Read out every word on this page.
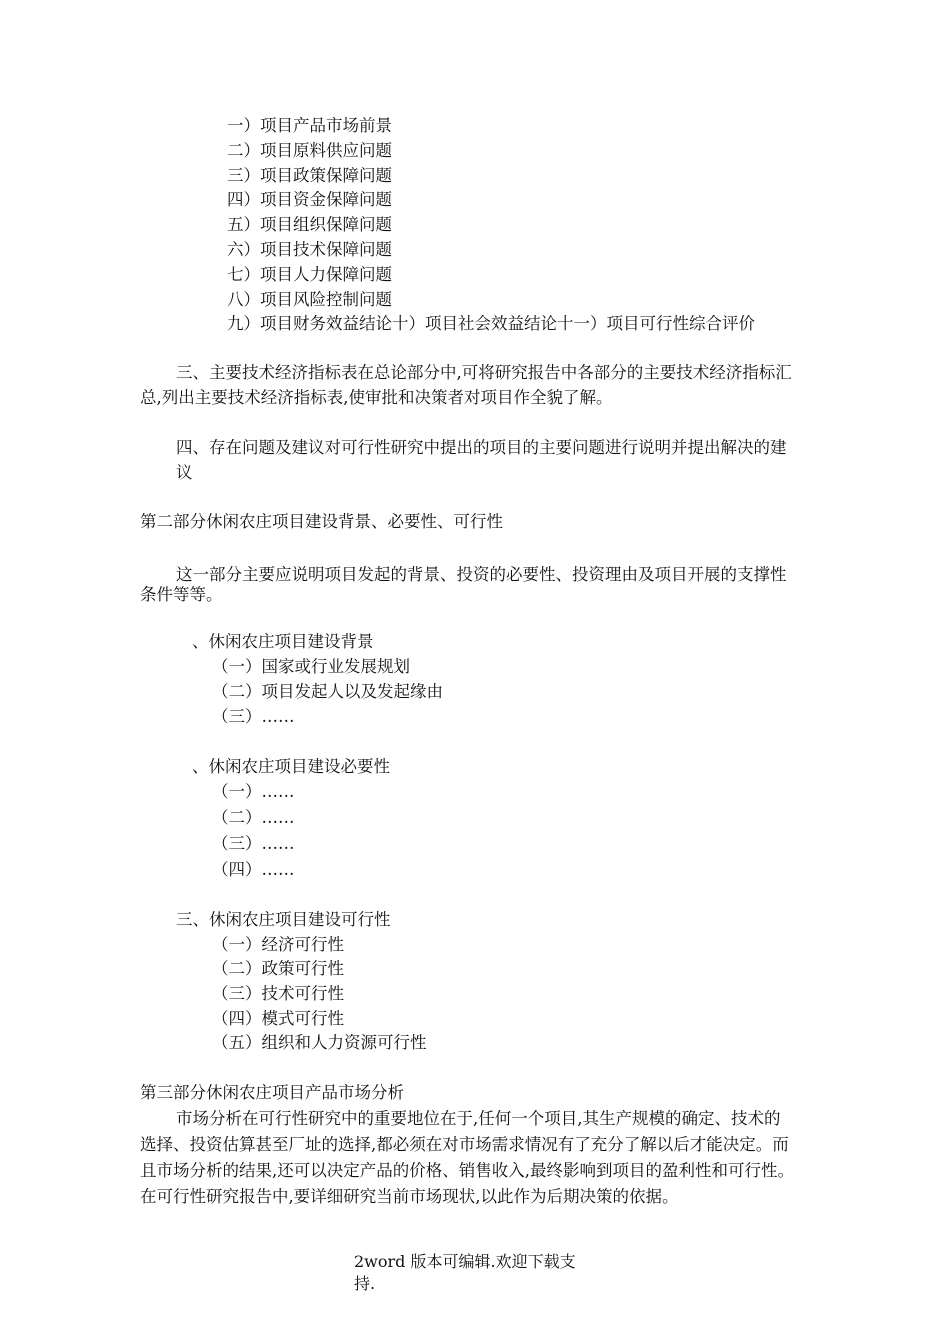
一）项目产品市场前景
二）项目原料供应问题
三）项目政策保障问题
四）项目资金保障问题
五）项目组织保障问题
六）项目技术保障问题
七）项目人力保障问题
八）项目风险控制问题
九）项目财务效益结论十）项目社会效益结论十一）项目可行性综合评价
三、主要技术经济指标表在总论部分中,可将研究报告中各部分的主要技术经济指标汇
总,列出主要技术经济指标表,使审批和决策者对项目作全貌了解。
四、存在问题及建议对可行性研究中提出的项目的主要问题进行说明并提出解决的建
议
第二部分休闲农庄项目建设背景、必要性、可行性
这一部分主要应说明项目发起的背景、投资的必要性、投资理由及项目开展的支撑性
条件等等。
、休闲农庄项目建设背景
（一）国家或行业发展规划
（二）项目发起人以及发起缘由
（三）……
、休闲农庄项目建设必要性
（一）……
（二）……
（三）……
（四）……
三、休闲农庄项目建设可行性
（一）经济可行性
（二）政策可行性
（三）技术可行性
（四）模式可行性
（五）组织和人力资源可行性
第三部分休闲农庄项目产品市场分析
市场分析在可行性研究中的重要地位在于,任何一个项目,其生产规模的确定、技术的
选择、投资估算甚至厂址的选择,都必须在对市场需求情况有了充分了解以后才能决定。而
且市场分析的结果,还可以决定产品的价格、销售收入,最终影响到项目的盈利性和可行性。
在可行性研究报告中,要详细研究当前市场现状,以此作为后期决策的依据。
2word 版本可编辑.欢迎下载支
持.
